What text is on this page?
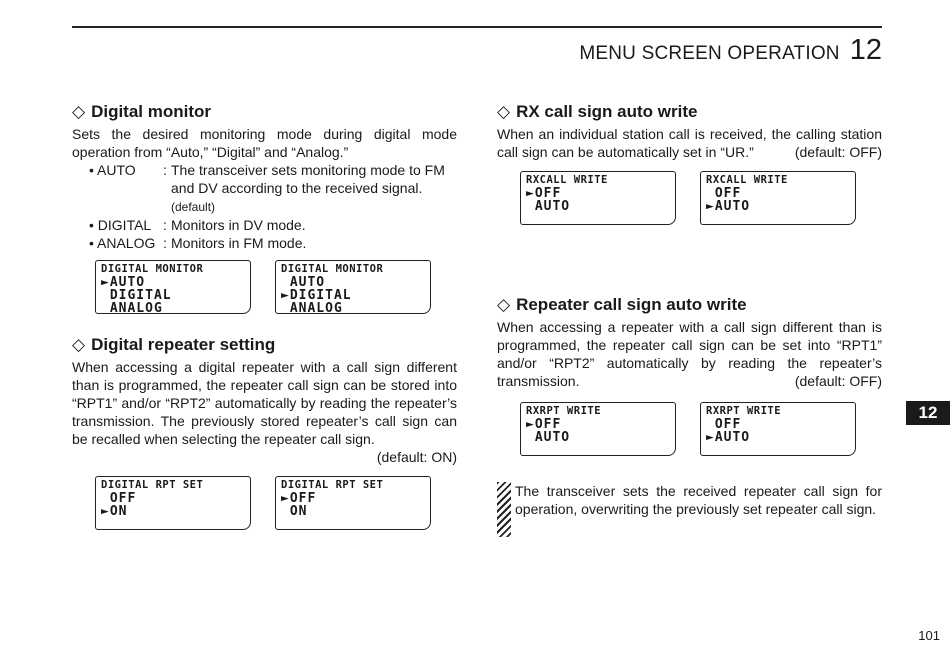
MENU SCREEN OPERATION 12
◇ Digital monitor

Sets the desired monitoring mode during digital mode operation from “Auto,” “Digital” and “Analog.”

• AUTO	: The transceiver sets monitoring mode to FM and DV according to the received signal. (default)
• DIGITAL : Monitors in DV mode.
• ANALOG : Monitors in FM mode.
DIGITAL MONITOR
►AUTO
DIGITAL
ANALOG
DIGITAL MONITOR
AUTO
►DIGITAL
ANALOG
◇ Digital repeater setting

When accessing a digital repeater with a call sign different than is programmed, the repeater call sign can be stored into “RPT1” and/or “RPT2” automatically by reading the repeater’s transmission. The previously stored repeater’s call sign can be recalled when selecting the repeater call sign.

(default: ON)
DIGITAL RPT SET
OFF
►ON
DIGITAL RPT SET
►OFF
ON
◇ RX call sign auto write

When an individual station call is received, the calling station call sign can be automatically set in “UR.”	(default: OFF)

RXCALL WRITE
►OFF
AUTO
RXCALL WRITE
OFF
►AUTO
◇ Repeater call sign auto write

When accessing a repeater with a call sign different than is programmed, the repeater call sign can be set into “RPT1” and/or “RPT2” automatically by reading the repeater’s transmission.	(default: OFF)
RXRPT WRITE
►OFF
AUTO
RXRPT WRITE
OFF
►AUTO

The transceiver sets the received repeater call sign for operation, overwriting the previously set repeater call sign.

12
101
